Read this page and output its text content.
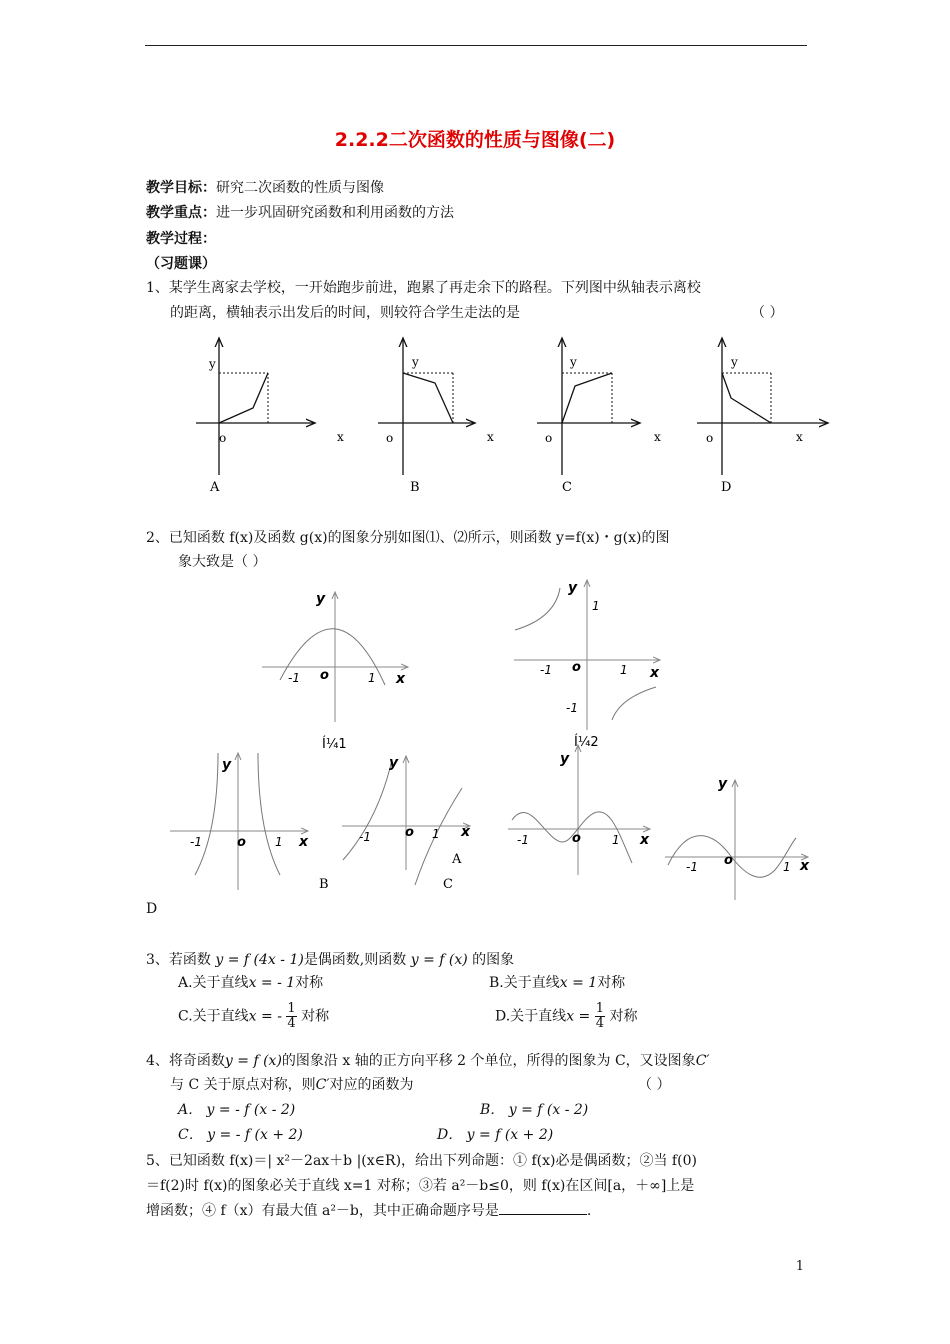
2.2.2二次函数的性质与图像(二)
教学目标：研究二次函数的性质与图像
教学重点：进一步巩固研究函数和利用函数的方法
教学过程：
（习题课）
1、某学生离家去学校，一开始跑步前进，跑累了再走余下的路程。下列图中纵轴表示离校
的距离，横轴表示出发后的时间，则较符合学生走法的是	（ ）
y
o	x
A
y
o	x
B
y
o	x
C
y
o	x
D
2、已知函数 f(x)及函数 g(x)的图象分别如图⑴、⑵所示，则函数 y=f(x)・g(x)的图
象大致是（ ）
y
o
-1	1 x
Í¼1
y
1
-1 o	1 x
-1
Í¼2
y
-1	o 1 x
B
y
-1	o 1 x
A
C
y
-1	o	1 x
y
-1 o	1 x
D
3、若函数 y = f (4x - 1)是偶函数,则函数 y = f (x) 的图象
A.关于直线x = - 1对称	B.关于直线x = 1对称
C.关于直线x = - $\frac{1}{4}$ 对称	D.关于直线$x = \frac{1}{4}$ 对称
4、将奇函数y = f (x)的图象沿 x 轴的正方向平移 2 个单位，所得的图象为 C，又设图象C′
与 C 关于原点对称，则C′对应的函数为	（ ）
A． y = - f (x - 2)	B． y = f (x - 2)
C． y = - f (x + 2)	D． y = f (x + 2)
5、已知函数 f(x)＝| x²－2ax＋b |(x∈R)，给出下列命题：① f(x)必是偶函数；②当 f(0)
＝f(2)时 f(x)的图象必关于直线 x=1 对称；③若 a²－b≤0，则 f(x)在区间[a，＋∞]上是
增函数；④ f（x）有最大值 a²－b，其中正确命题序号是	.
1
